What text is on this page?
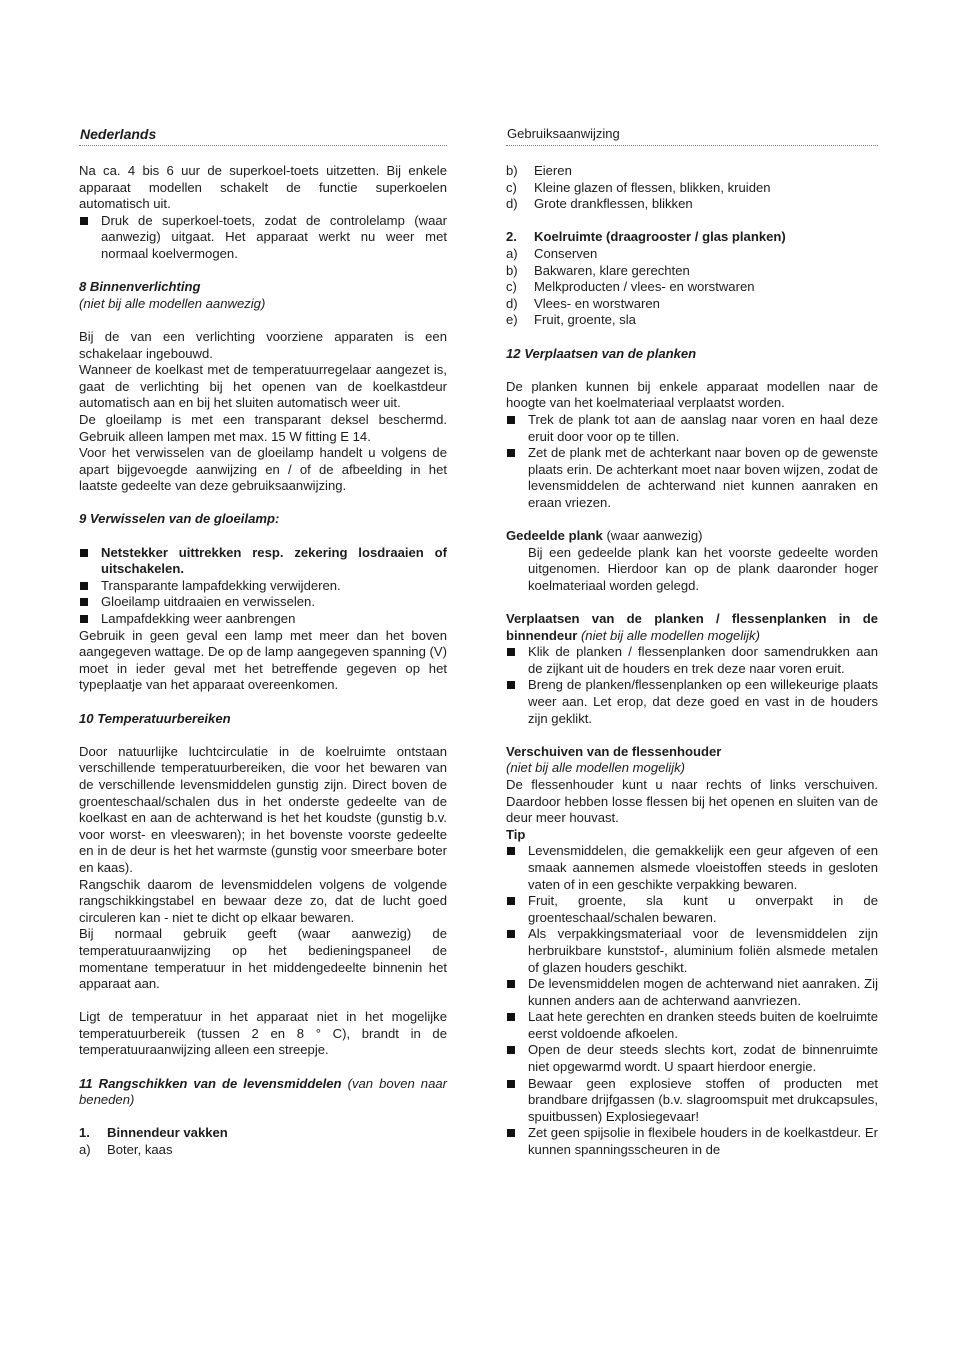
Nederlands

Na ca. 4 bis 6 uur de superkoel-toets uitzetten. Bij enkele apparaat modellen schakelt de functie superkoelen automatisch uit.

Druk de superkoel-toets, zodat de controlelamp (waar aanwezig) uitgaat. Het apparaat werkt nu weer met normaal koelvermogen.

8 Binnenverlichting

(niet bij alle modellen aanwezig)

Bij de van een verlichting voorziene apparaten is een schakelaar ingebouwd.

Wanneer de koelkast met de temperatuurregelaar aangezet is, gaat de verlichting bij het openen van de koelkastdeur automatisch aan en bij het sluiten automatisch weer uit.

De gloeilamp is met een transparant deksel beschermd. Gebruik alleen lampen met max. 15 W fitting E 14.

Voor het verwisselen van de gloeilamp handelt u volgens de apart bijgevoegde aanwijzing en / of de afbeelding in het laatste gedeelte van deze gebruiksaanwijzing.

9 Verwisselen van de gloeilamp:

Netstekker uittrekken resp. zekering losdraaien of uitschakelen.
Transparante lampafdekking verwijderen.
Gloeilamp uitdraaien en verwisselen.
Lampafdekking weer aanbrengen

Gebruik in geen geval een lamp met meer dan het boven aangegeven wattage. De op de lamp aangegeven spanning (V) moet in ieder geval met het betreffende gegeven op het typeplaatje van het apparaat overeenkomen.

10 Temperatuurbereiken

Door natuurlijke luchtcirculatie in de koelruimte ontstaan verschillende temperatuurbereiken, die voor het bewaren van de verschillende levensmiddelen gunstig zijn. Direct boven de groenteschaal/schalen dus in het onderste gedeelte van de koelkast en aan de achterwand is het het koudste (gunstig b.v. voor worst- en vleeswaren); in het bovenste voorste gedeelte en in de deur is het het warmste (gunstig voor smeerbare boter en kaas).

Rangschik daarom de levensmiddelen volgens de volgende rangschikkingstabel en bewaar deze zo, dat de lucht goed circuleren kan - niet te dicht op elkaar bewaren.

Bij normaal gebruik geeft (waar aanwezig) de temperatuuraanwijzing op het bedieningspaneel de momentane temperatuur in het middengedeelte binnenin het apparaat aan.

Ligt de temperatuur in het apparaat niet in het mogelijke temperatuurbereik (tussen 2 en 8 ° C), brandt in de temperatuuraanwijzing alleen een streepje.

11 Rangschikken van de levensmiddelen (van boven naar beneden)

1. Binnendeur vakken
a) Boter, kaas
Gebruiksaanwijzing
b) Eieren
c) Kleine glazen of flessen, blikken, kruiden
d) Grote drankflessen, blikken
2. Koelruimte (draagrooster / glas planken)
a) Conserven
b) Bakwaren, klare gerechten
c) Melkproducten / vlees- en worstwaren
d) Vlees- en worstwaren
e) Fruit, groente, sla

12 Verplaatsen van de planken

De planken kunnen bij enkele apparaat modellen naar de hoogte van het koelmateriaal verplaatst worden.

Trek de plank tot aan de aanslag naar voren en haal deze eruit door voor op te tillen.
Zet de plank met de achterkant naar boven op de gewenste plaats erin. De achterkant moet naar boven wijzen, zodat de levensmiddelen de achterwand niet kunnen aanraken en eraan vriezen.

Gedeelde plank (waar aanwezig)

Bij een gedeelde plank kan het voorste gedeelte worden uitgenomen. Hierdoor kan op de plank daaronder hoger koelmateriaal worden gelegd.

Verplaatsen van de planken / flessenplanken in de binnendeur (niet bij alle modellen mogelijk)

Klik de planken / flessenplanken door samendrukken aan de zijkant uit de houders en trek deze naar voren eruit.
Breng de planken/flessenplanken op een willekeurige plaats weer aan. Let erop, dat deze goed en vast in de houders zijn geklikt.

Verschuiven van de flessenhouder

(niet bij alle modellen mogelijk)

De flessenhouder kunt u naar rechts of links verschuiven. Daardoor hebben losse flessen bij het openen en sluiten van de deur meer houvast.

Tip

Levensmiddelen, die gemakkelijk een geur afgeven of een smaak aannemen alsmede vloeistoffen steeds in gesloten vaten of in een geschikte verpakking bewaren.
Fruit, groente, sla kunt u onverpakt in de groenteschaal/schalen bewaren.
Als verpakkingsmateriaal voor de levensmiddelen zijn herbruikbare kunststof-, aluminium foliën alsmede metalen of glazen houders geschikt.
De levensmiddelen mogen de achterwand niet aanraken. Zij kunnen anders aan de achterwand aanvriezen.
Laat hete gerechten en dranken steeds buiten de koelruimte eerst voldoende afkoelen.
Open de deur steeds slechts kort, zodat de binnenruimte niet opgewarmd wordt. U spaart hierdoor energie.
Bewaar geen explosieve stoffen of producten met brandbare drijfgassen (b.v. slagroomspuit met drukcapsules, spuitbussen) Explosiegevaar!
Zet geen spijsolie in flexibele houders in de koelkastdeur. Er kunnen spanningsscheuren in de
